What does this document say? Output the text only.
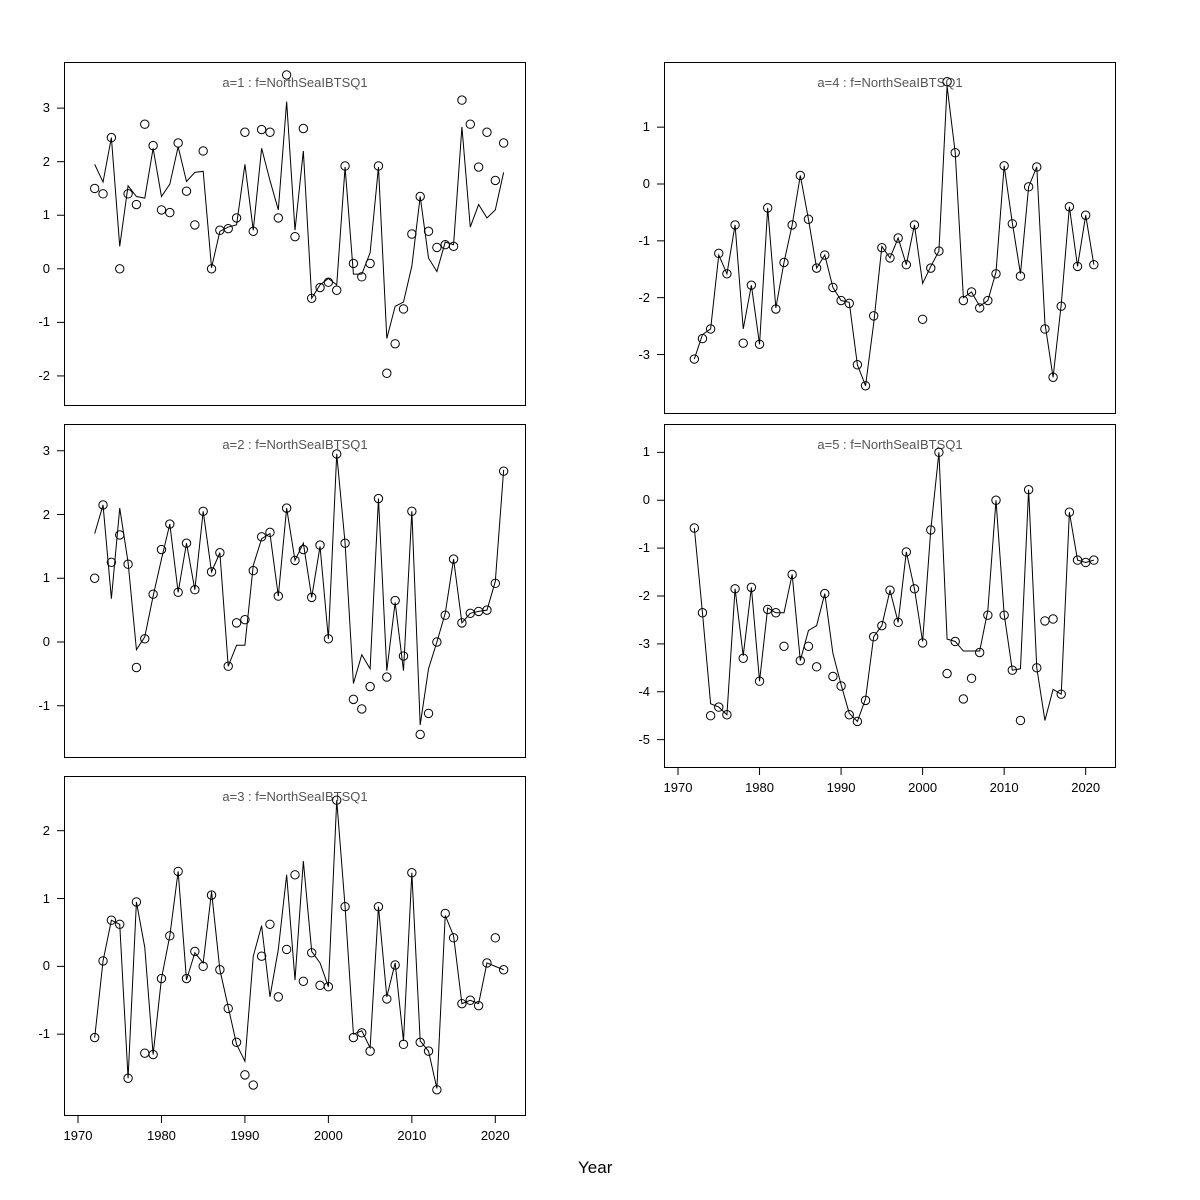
a=1 : f=NorthSeaIBTSQ1
-2
-1
0
1
2
3
a=2 : f=NorthSeaIBTSQ1
-1
0
1
2
3
a=3 : f=NorthSeaIBTSQ1
-1
0
1
2
1970	1980	1990	2000	2010	2020
a=4 : f=NorthSeaIBTSQ1
-3
-2
-1
0
1
a=5 : f=NorthSeaIBTSQ1
-5
-4
-3
-2
-1
0
1
1970	1980	1990	2000	2010	2020
Year
